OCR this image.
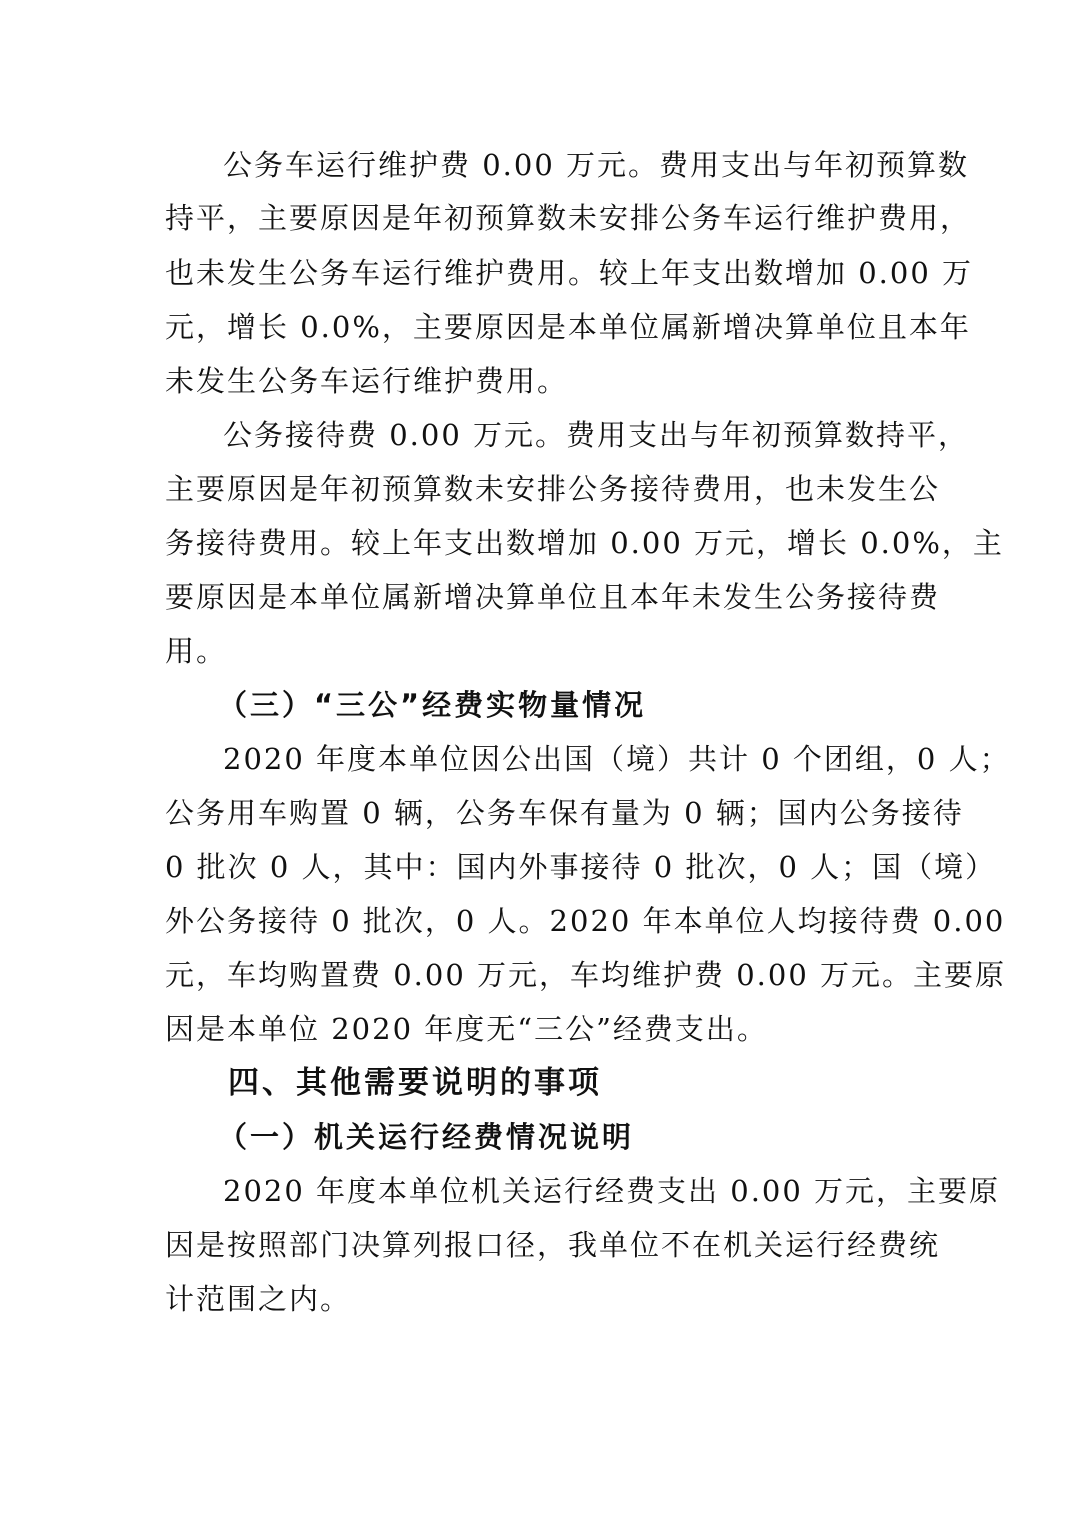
公务车运行维护费 0.00 万元。费用支出与年初预算数
持平，主要原因是年初预算数未安排公务车运行维护费用，
也未发生公务车运行维护费用。较上年支出数增加 0.00 万
元，增长 0.0%，主要原因是本单位属新增决算单位且本年
未发生公务车运行维护费用。
公务接待费 0.00 万元。费用支出与年初预算数持平，
主要原因是年初预算数未安排公务接待费用，也未发生公
务接待费用。较上年支出数增加 0.00 万元，增长 0.0%，主
要原因是本单位属新增决算单位且本年未发生公务接待费
用。
（三）“三公”经费实物量情况
2020 年度本单位因公出国（境）共计 0 个团组，0 人；
公务用车购置 0 辆，公务车保有量为 0 辆；国内公务接待
0 批次 0 人，其中：国内外事接待 0 批次，0 人；国（境）
外公务接待 0 批次，0 人。2020 年本单位人均接待费 0.00
元，车均购置费 0.00 万元，车均维护费 0.00 万元。主要原
因是本单位 2020 年度无“三公”经费支出。
四、其他需要说明的事项
（一）机关运行经费情况说明
2020 年度本单位机关运行经费支出 0.00 万元，主要原
因是按照部门决算列报口径，我单位不在机关运行经费统
计范围之内。
